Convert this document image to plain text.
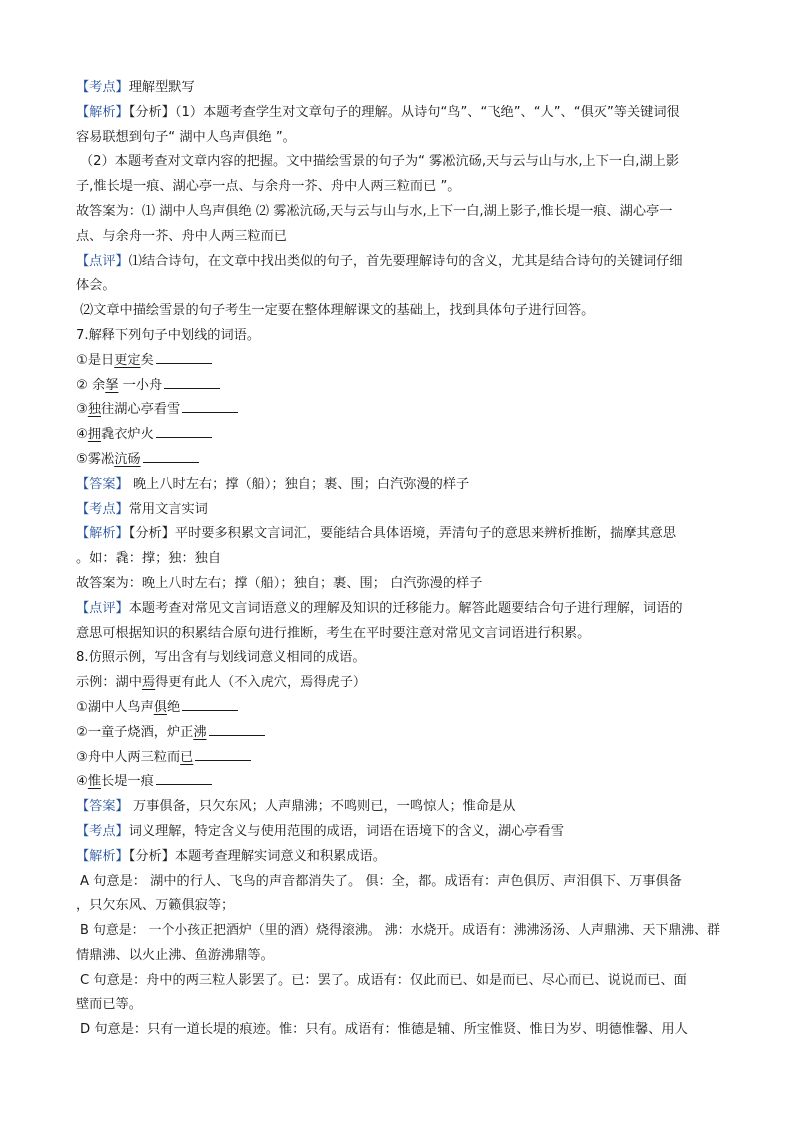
【考点】理解型默写
【解析】【分析】（1）本题考查学生对文章句子的理解。从诗句“鸟”、“飞绝”、“人”、“俱灭”等关键词很
容易联想到句子“ 湖中人鸟声俱绝 ”。
（2）本题考查对文章内容的把握。文中描绘雪景的句子为“ 雾凇沆砀,天与云与山与水,上下一白,湖上影
子,惟长堤一痕、湖心亭一点、与余舟一芥、舟中人两三粒而已 ”。
故答案为：⑴ 湖中人鸟声俱绝 ⑵ 雾凇沆砀,天与云与山与水,上下一白,湖上影子,惟长堤一痕、湖心亭一
点、与余舟一芥、舟中人两三粒而已
【点评】⑴结合诗句，在文章中找出类似的句子，首先要理解诗句的含义，尤其是结合诗句的关键词仔细
体会。
⑵文章中描绘雪景的句子考生一定要在整体理解课文的基础上，找到具体句子进行回答。
7.解释下列句子中划线的词语。
①是日更定矣
② 余拏 一小舟
③独往湖心亭看雪
④拥毳衣炉火
⑤雾凇沆砀
【答案】 晚上八时左右；撑（船）；独自；裹、围；白汽弥漫的样子
【考点】常用文言实词
【解析】【分析】平时要多积累文言词汇，要能结合具体语境，弄清句子的意思来辨析推断，揣摩其意思
。如：毳：撑；独：独自
故答案为：晚上八时左右；撑（船）；独自；裹、围； 白汽弥漫的样子
【点评】本题考查对常见文言词语意义的理解及知识的迁移能力。解答此题要结合句子进行理解，词语的
意思可根据知识的积累结合原句进行推断，考生在平时要注意对常见文言词语进行积累。
8.仿照示例，写出含有与划线词意义相同的成语。
示例：湖中焉得更有此人（不入虎穴，焉得虎子）
①湖中人鸟声俱绝
②一童子烧酒，炉正沸
③舟中人两三粒而已
④惟长堤一痕
【答案】 万事俱备，只欠东风；人声鼎沸；不鸣则已，一鸣惊人；惟命是从
【考点】词义理解，特定含义与使用范围的成语，词语在语境下的含义，湖心亭看雪
【解析】【分析】本题考查理解实词意义和积累成语。
A 句意是： 湖中的行人、飞鸟的声音都消失了。 俱：全，都。成语有：声色俱厉、声泪俱下、万事俱备
，只欠东风、万籁俱寂等；
B 句意是： 一个小孩正把酒炉（里的酒）烧得滚沸。 沸：水烧开。成语有：沸沸汤汤、人声鼎沸、天下鼎沸、群
情鼎沸、以火止沸、鱼游沸鼎等。
C 句意是：舟中的两三粒人影罢了。已：罢了。成语有：仅此而已、如是而已、尽心而已、说说而已、面
壁而已等。
D 句意是：只有一道长堤的痕迹。惟：只有。成语有：惟德是辅、所宝惟贤、惟日为岁、明德惟馨、用人
